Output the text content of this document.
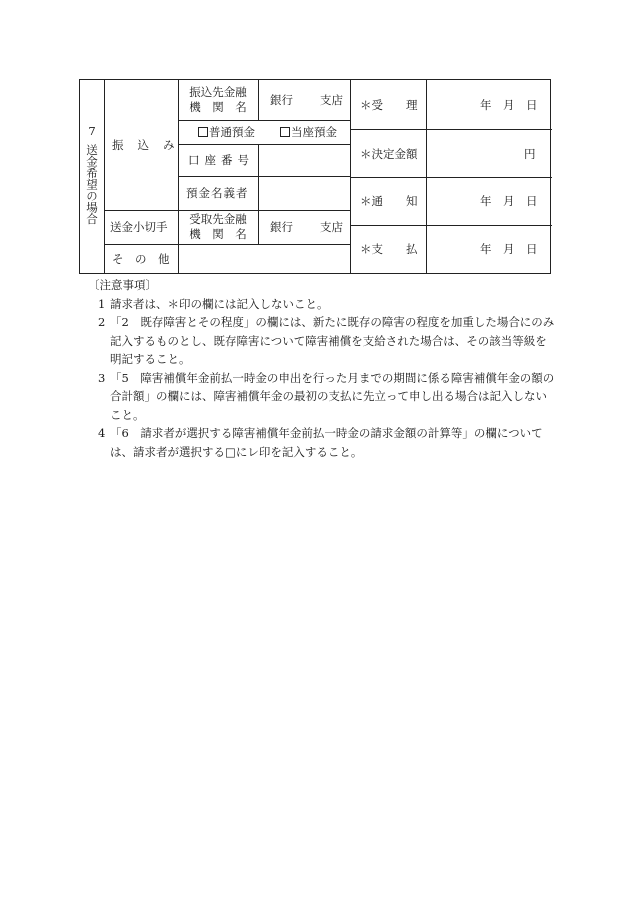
7
送金希望の場合 振込み
振込先金融
機　関　名	銀行 支店
普通預金	当座預金
口座番号
預金名義者
送金小切手
受取先金融
機　関　名	銀行 支店
そ　の　他
＊受　　理	年　月　日
＊決定金額	円
＊通　　知	年　月　日
＊支　　払	年　月　日

〔注意事項〕

1 請求者は、＊印の欄には記入しないこと。

2 「2　既存障害とその程度」の欄には、新たに既存の障害の程度を加重した場合にのみ記入するものとし、既存障害について障害補償を支給された場合は、その該当等級を明記すること。

3 「5　障害補償年金前払一時金の申出を行った月までの期間に係る障害補償年金の額の合計額」の欄には、障害補償年金の最初の支払に先立って申し出る場合は記入しないこと。

4 「6　請求者が選択する障害補償年金前払一時金の請求金額の計算等」の欄については、請求者が選択する□にレ印を記入すること。
